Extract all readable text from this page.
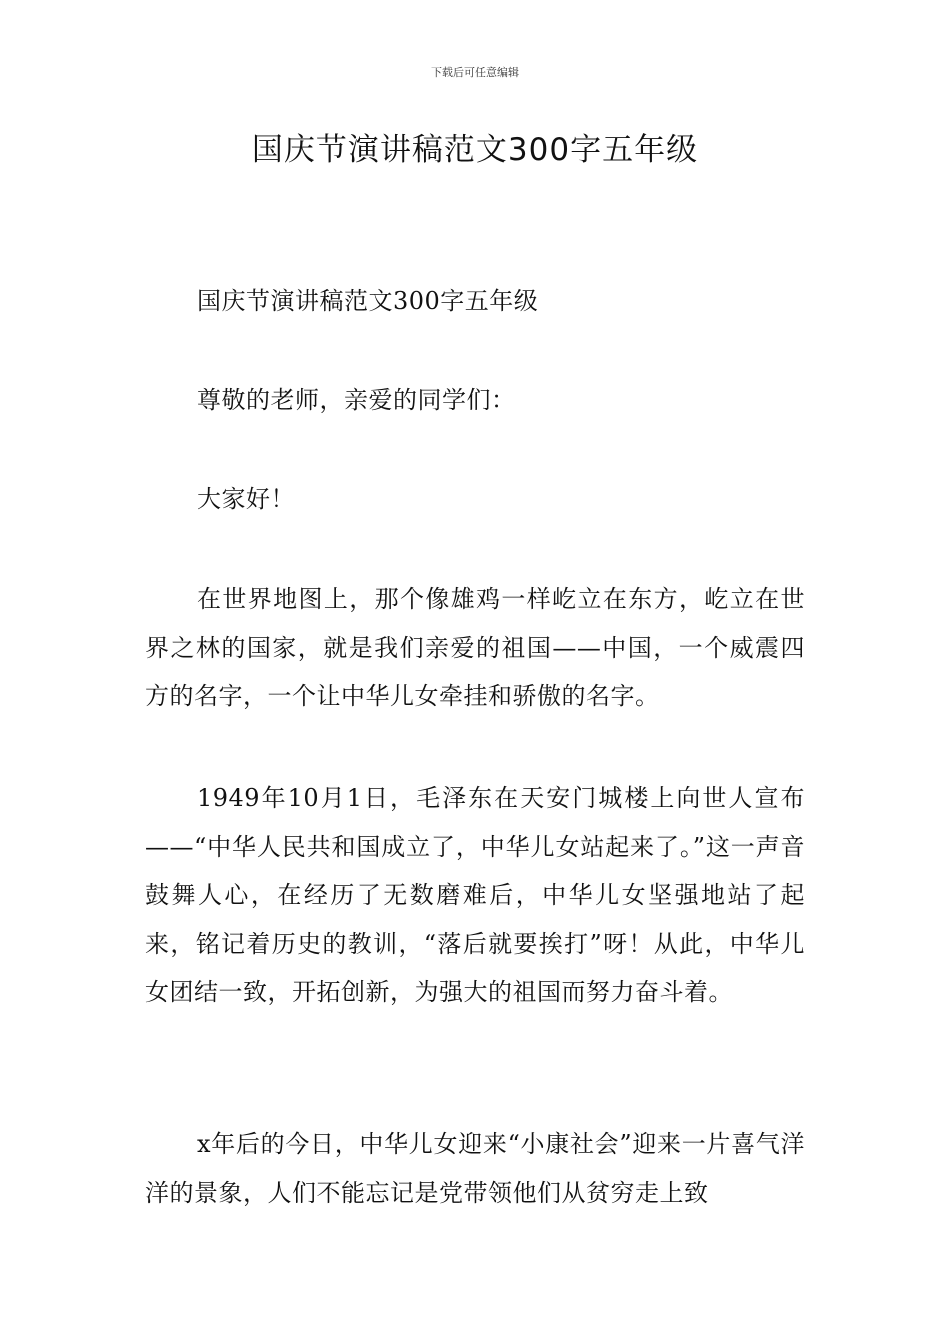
下载后可任意编辑
国庆节演讲稿范文300字五年级

国庆节演讲稿范文300字五年级

尊敬的老师，亲爱的同学们：

大家好！

在世界地图上，那个像雄鸡一样屹立在东方，屹立在世界之林的国家，就是我们亲爱的祖国——中国，一个威震四方的名字，一个让中华儿女牵挂和骄傲的名字。

1949年10月1日，毛泽东在天安门城楼上向世人宣布——“中华人民共和国成立了，中华儿女站起来了。”这一声音鼓舞人心，在经历了无数磨难后，中华儿女坚强地站了起来，铭记着历史的教训，“落后就要挨打”呀！从此，中华儿女团结一致，开拓创新，为强大的祖国而努力奋斗着。

x年后的今日，中华儿女迎来“小康社会”迎来一片喜气洋洋的景象，人们不能忘记是党带领他们从贫穷走上致
